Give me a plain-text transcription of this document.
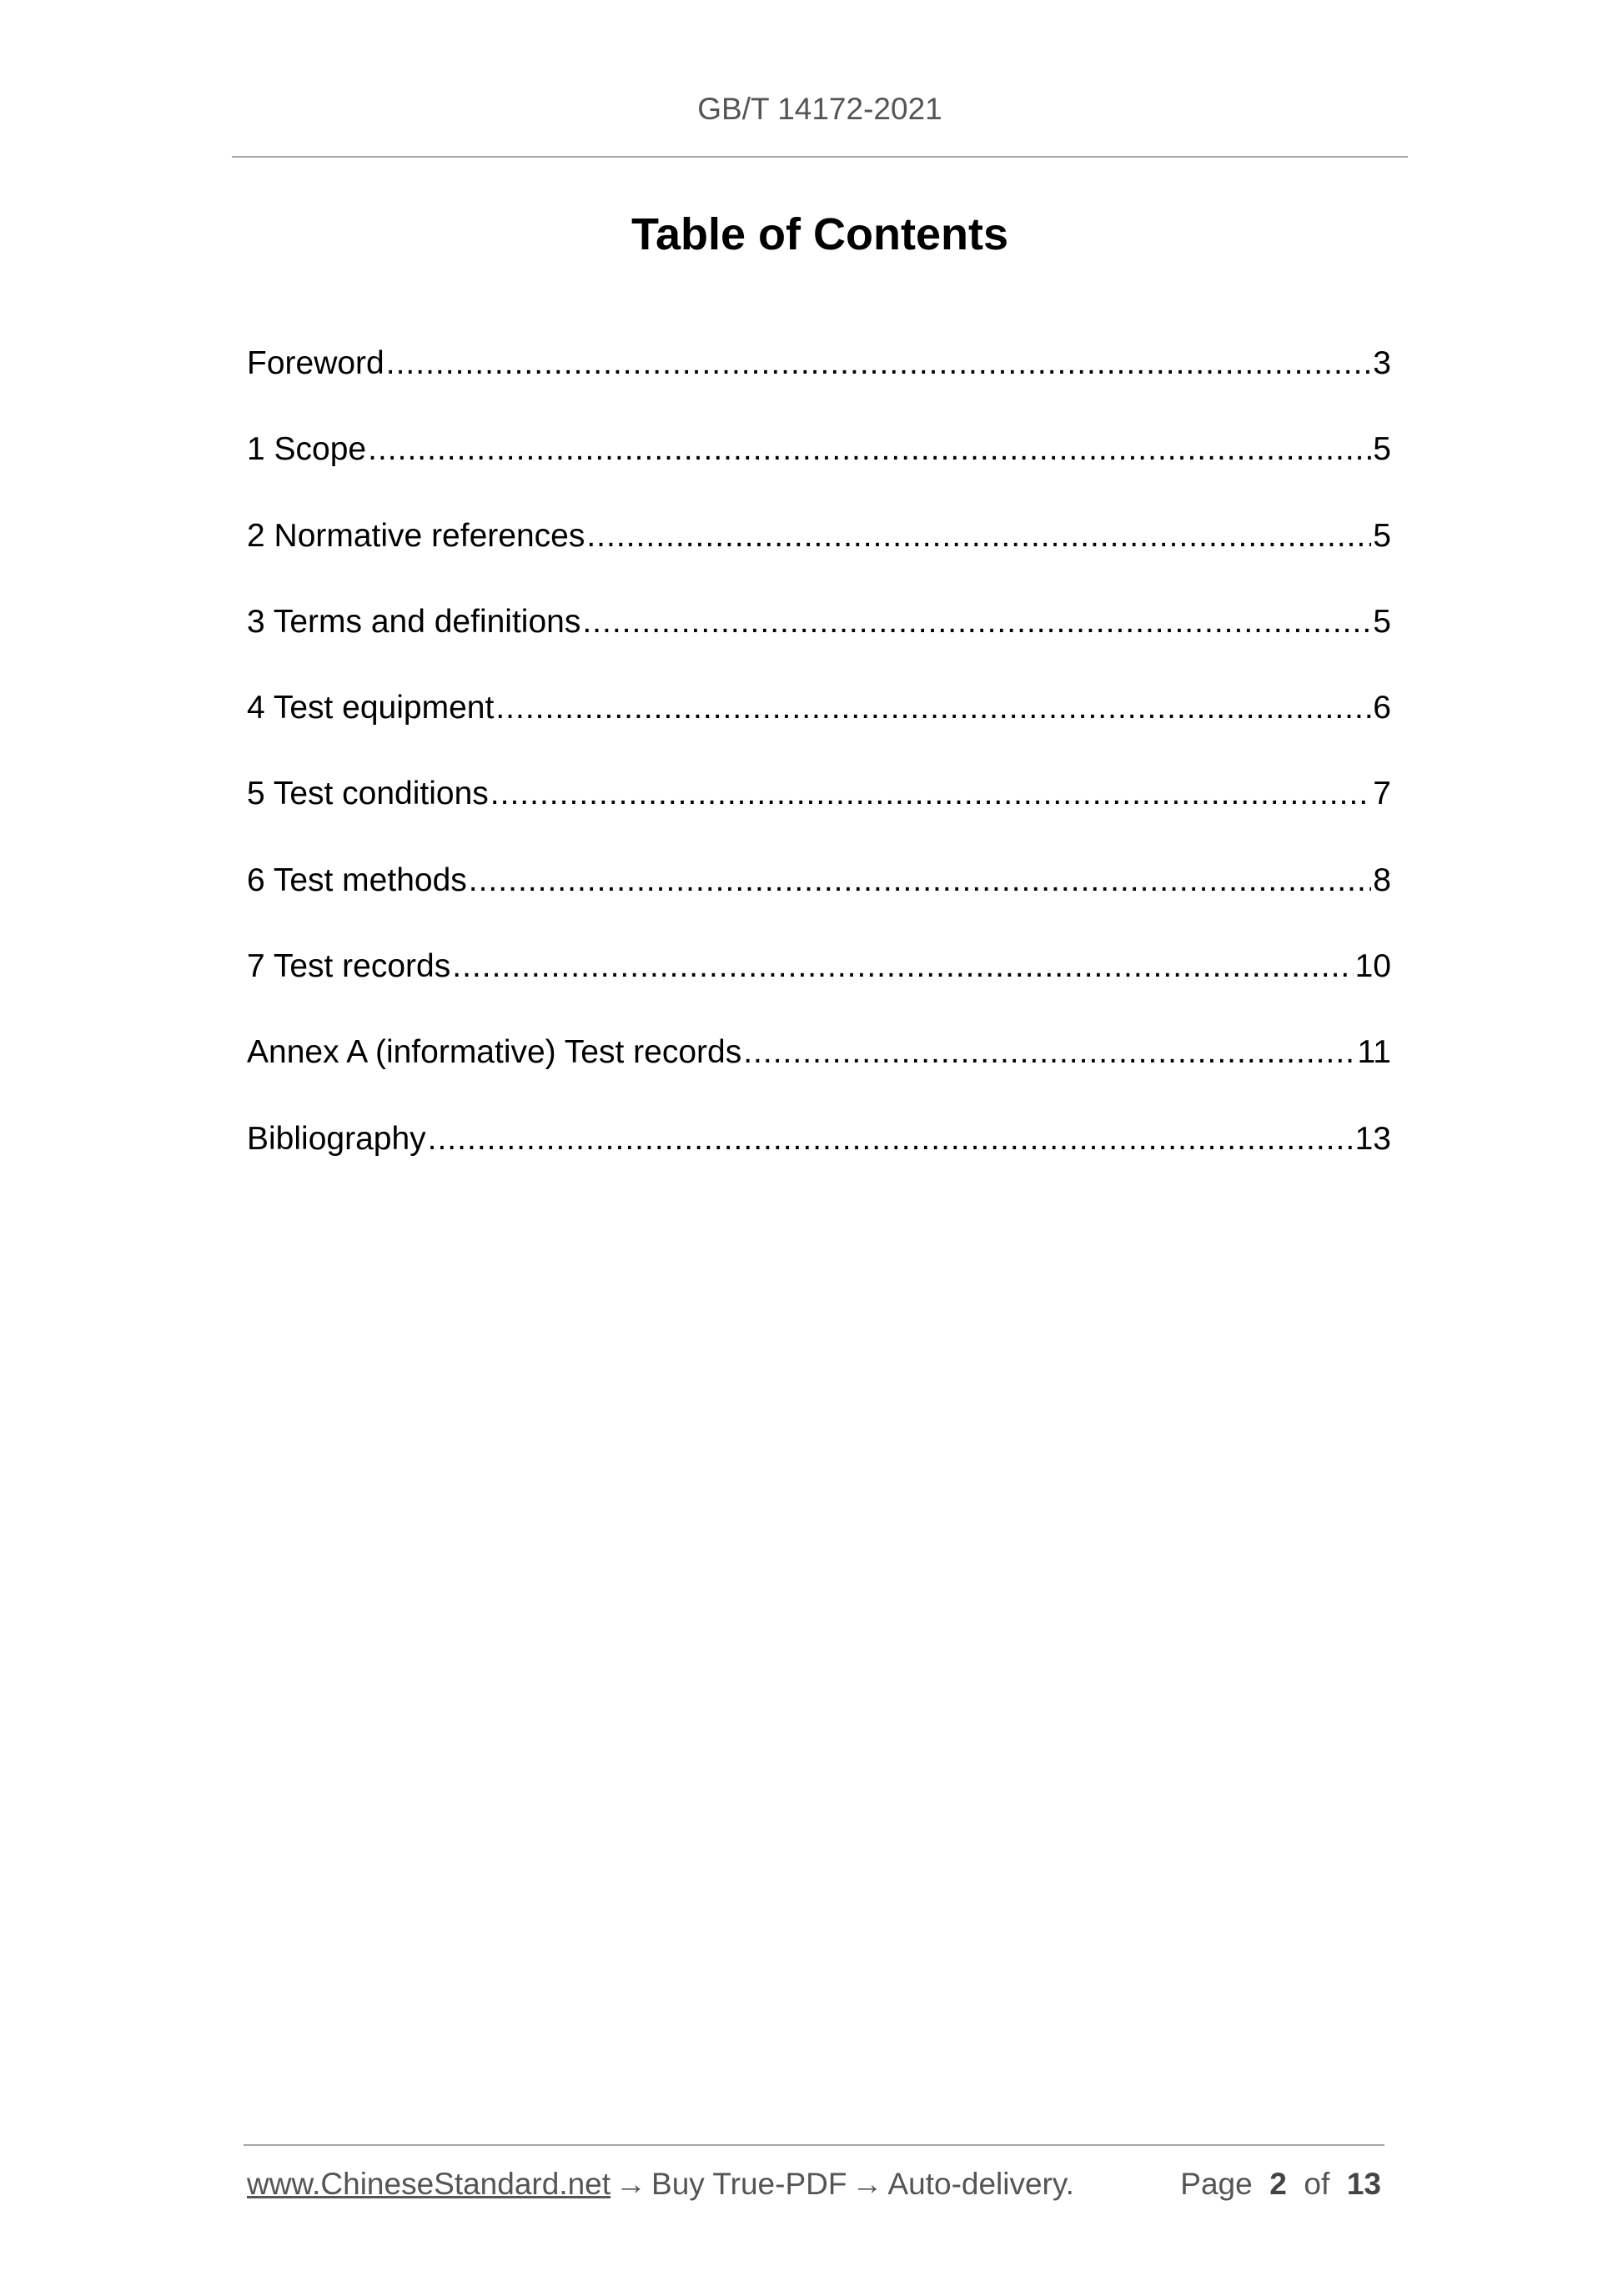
GB/T 14172-2021
Table of Contents
Foreword .....	3
1 Scope .....	5
2 Normative references .....	5
3 Terms and definitions .....	5
4 Test equipment .....	6
5 Test conditions .....	7
6 Test methods .....	8
7 Test records .....	10
Annex A (informative) Test records .....	11
Bibliography .....	13
www.ChineseStandard.net → Buy True-PDF → Auto-delivery.	Page 2 of 13
